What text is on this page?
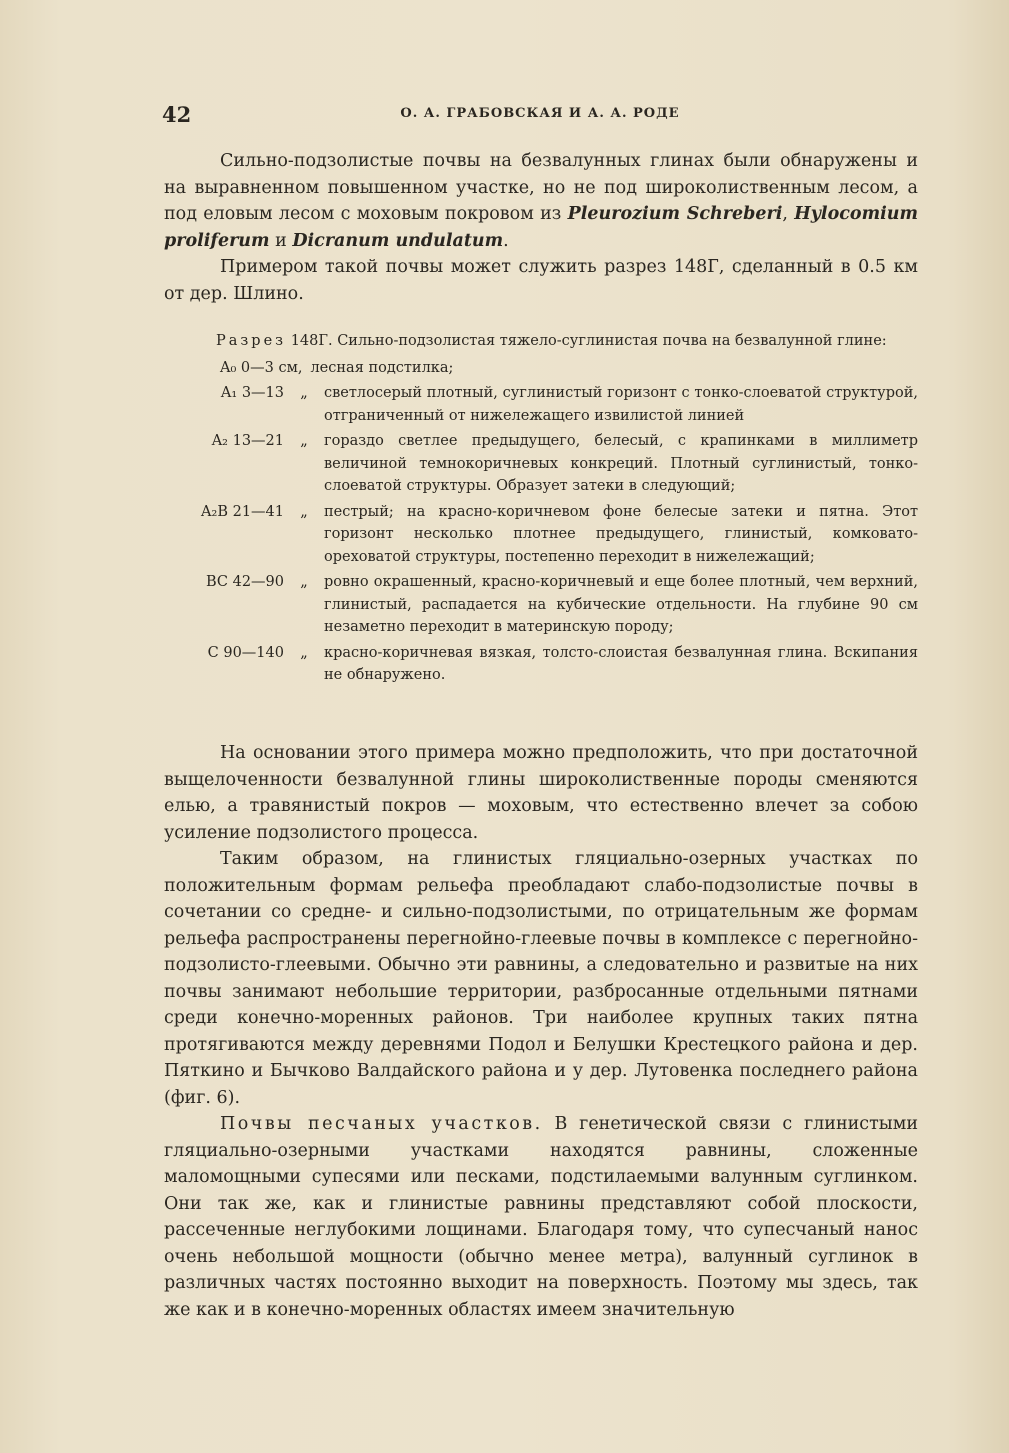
42	О. А. ГРАБОВСКАЯ И А. А. РОДЕ

Сильно-подзолистые почвы на безвалунных глинах были обнаружены и на выравненном повышенном участке, но не под широколиственным лесом, а под еловым лесом с моховым покровом из Pleurozium Schreberi, Hylocomium proliferum и Dicranum undulatum.

Примером такой почвы может служить разрез 148Г, сделанный в 0.5 км от дер. Шлино.

Разрез 148Г. Сильно-подзолистая тяжело-суглинистая почва на безвалунной глине:

A₀ 0—3 см, лесная подстилка;
A₁ 3—13	„	светлосерый плотный, суглинистый горизонт с тонко-слоеватой структурой, отграниченный от нижележащего извилистой линией
A₂ 13—21	„	гораздо светлее предыдущего, белесый, с крапинками в миллиметр величиной темнокоричневых конкреций. Плотный суглинистый, тонко-слоеватой структуры. Образует затеки в следующий;
A₂B 21—41	„	пестрый; на красно-коричневом фоне белесые затеки и пятна. Этот горизонт несколько плотнее предыдущего, глинистый, комковато-ореховатой структуры, постепенно переходит в нижележащий;
BC 42—90	„	ровно окрашенный, красно-коричневый и еще более плотный, чем верхний, глинистый, распадается на кубические отдельности. На глубине 90 см незаметно переходит в материнскую породу;
C 90—140	„	красно-коричневая вязкая, толсто-слоистая безвалунная глина. Вскипания не обнаружено.

На основании этого примера можно предположить, что при достаточной выщелоченности безвалунной глины широколиственные породы сменяются елью, а травянистый покров — моховым, что естественно влечет за собою усиление подзолистого процесса.

Таким образом, на глинистых гляциально-озерных участках по положительным формам рельефа преобладают слабо-подзолистые почвы в сочетании со средне- и сильно-подзолистыми, по отрицательным же формам рельефа распространены перегнойно-глеевые почвы в комплексе с перегнойно-подзолисто-глеевыми. Обычно эти равнины, а следовательно и развитые на них почвы занимают небольшие территории, разбросанные отдельными пятнами среди конечно-моренных районов. Три наиболее крупных таких пятна протягиваются между деревнями Подол и Белушки Крестецкого района и дер. Пяткино и Бычково Валдайского района и у дер. Лутовенка последнего района (фиг. 6).

Почвы песчаных участков. В генетической связи с глинистыми гляциально-озерными участками находятся равнины, сложенные маломощными супесями или песками, подстилаемыми валунным суглинком. Они так же, как и глинистые равнины представляют собой плоскости, рассеченные неглубокими лощинами. Благодаря тому, что супесчаный нанос очень небольшой мощности (обычно менее метра), валунный суглинок в различных частях постоянно выходит на поверхность. Поэтому мы здесь, так же как и в конечно-моренных областях имеем значительную
